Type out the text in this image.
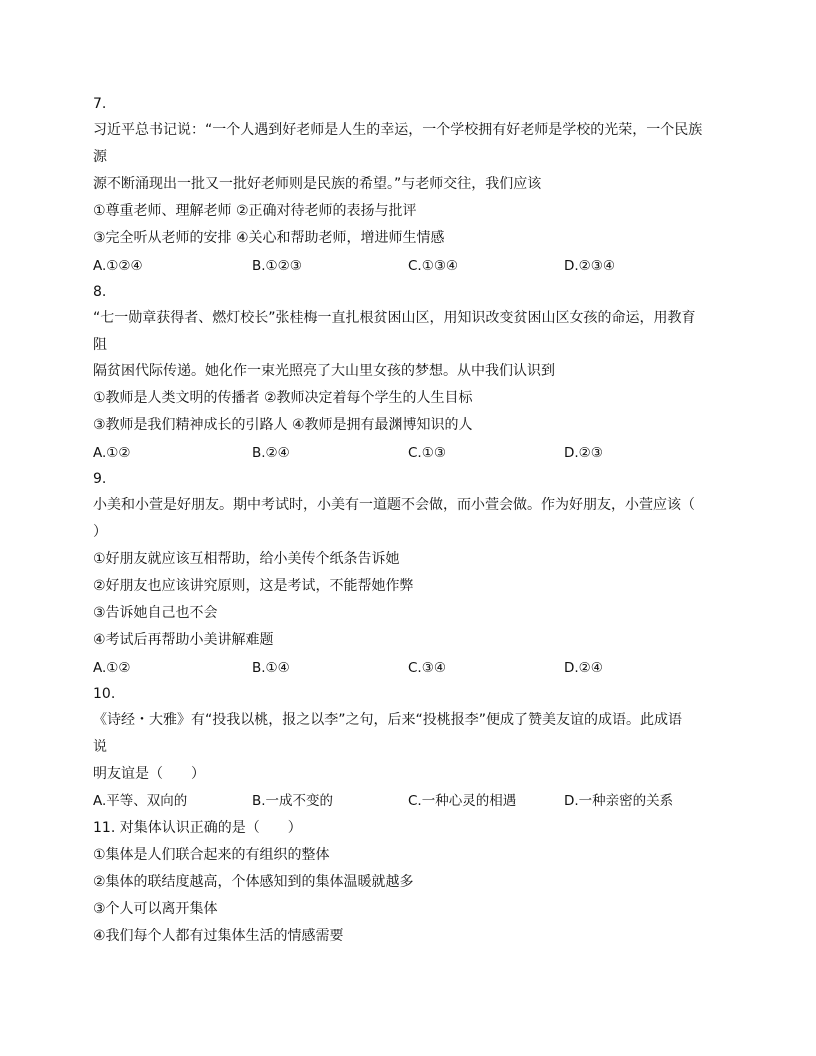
7.
习近平总书记说：“一个人遇到好老师是人生的幸运，一个学校拥有好老师是学校的光荣，一个民族
源
源不断涌现出一批又一批好老师则是民族的希望。”与老师交往，我们应该
①尊重老师、理解老师 ②正确对待老师的表扬与批评
③完全听从老师的安排 ④关心和帮助老师，增进师生情感
A.①②④	B.①②③	C.①③④	D.②③④
8.
“七一勋章获得者、燃灯校长”张桂梅一直扎根贫困山区，用知识改变贫困山区女孩的命运，用教育
阻
隔贫困代际传递。她化作一束光照亮了大山里女孩的梦想。从中我们认识到
①教师是人类文明的传播者 ②教师决定着每个学生的人生目标
③教师是我们精神成长的引路人 ④教师是拥有最渊博知识的人
A.①②	B.②④	C.①③	D.②③
9.
小美和小萱是好朋友。期中考试时，小美有一道题不会做，而小萱会做。作为好朋友，小萱应该（
）
①好朋友就应该互相帮助，给小美传个纸条告诉她
②好朋友也应该讲究原则，这是考试，不能帮她作弊
③告诉她自己也不会
④考试后再帮助小美讲解难题
A.①②	B.①④	C.③④	D.②④
10.
《诗经・大雅》有“投我以桃，报之以李”之句，后来“投桃报李”便成了赞美友谊的成语。此成语
说
明友谊是（　　）
A.平等、双向的	B.一成不变的	C.一种心灵的相遇	D.一种亲密的关系
11. 对集体认识正确的是（　　）
①集体是人们联合起来的有组织的整体
②集体的联结度越高，个体感知到的集体温暖就越多
③个人可以离开集体
④我们每个人都有过集体生活的情感需要
